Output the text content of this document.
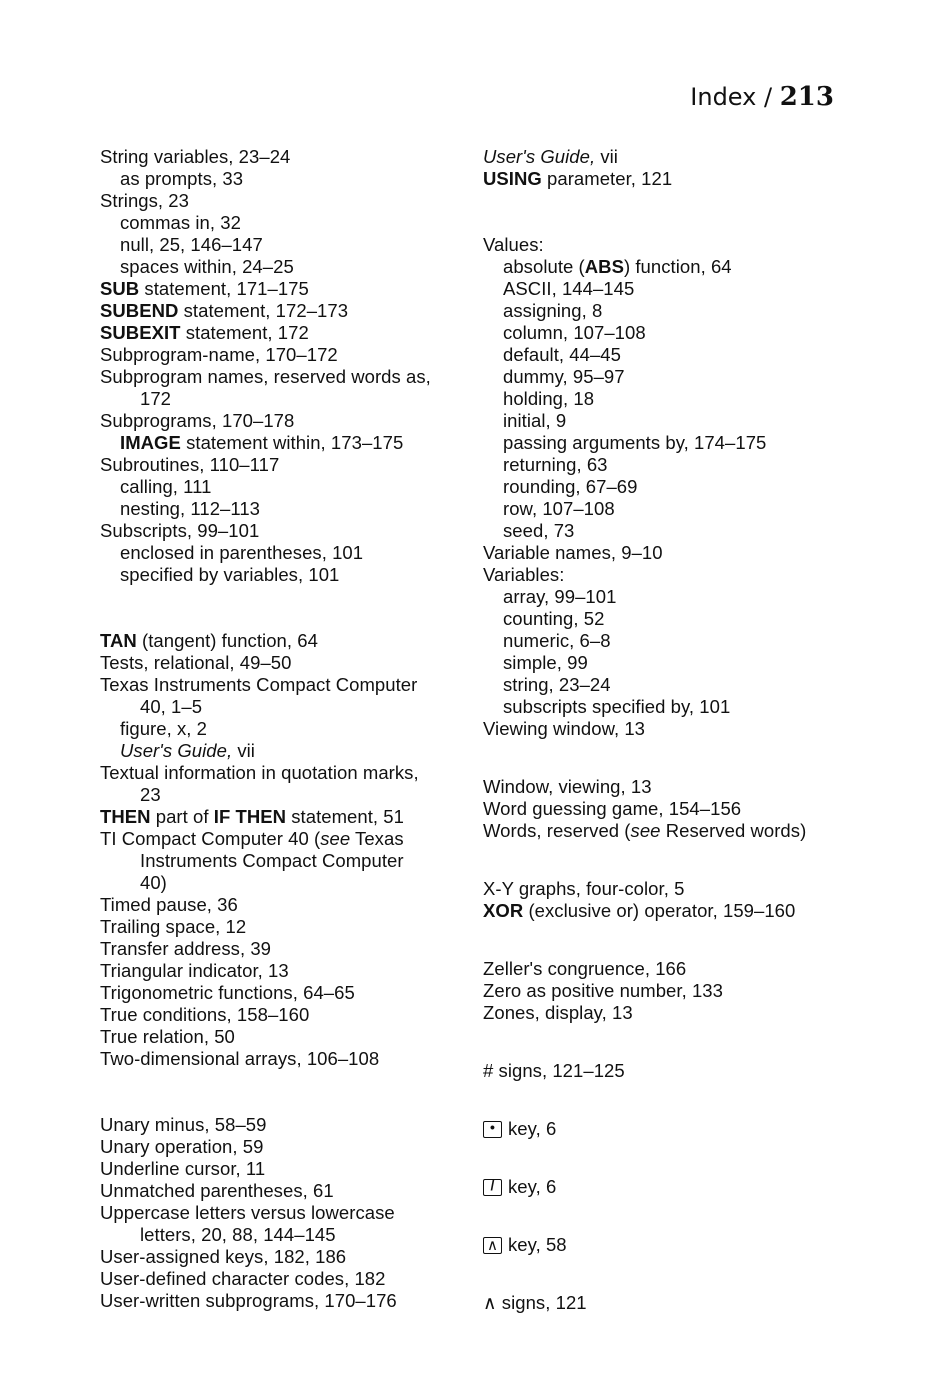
Index / 213
String variables, 23–24
as prompts, 33
Strings, 23
commas in, 32
null, 25, 146–147
spaces within, 24–25
SUB statement, 171–175
SUBEND statement, 172–173
SUBEXIT statement, 172
Subprogram-name, 170–172
Subprogram names, reserved words as,
172
Subprograms, 170–178
IMAGE statement within, 173–175
Subroutines, 110–117
calling, 111
nesting, 112–113
Subscripts, 99–101
enclosed in parentheses, 101
specified by variables, 101
TAN (tangent) function, 64
Tests, relational, 49–50
Texas Instruments Compact Computer
40, 1–5
figure, x, 2
User's Guide, vii
Textual information in quotation marks,
23
THEN part of IF THEN statement, 51
TI Compact Computer 40 (see Texas
Instruments Compact Computer
40)
Timed pause, 36
Trailing space, 12
Transfer address, 39
Triangular indicator, 13
Trigonometric functions, 64–65
True conditions, 158–160
True relation, 50
Two-dimensional arrays, 106–108
Unary minus, 58–59
Unary operation, 59
Underline cursor, 11
Unmatched parentheses, 61
Uppercase letters versus lowercase
letters, 20, 88, 144–145
User-assigned keys, 182, 186
User-defined character codes, 182
User-written subprograms, 170–176
User's Guide, vii
USING parameter, 121
Values:
absolute (ABS) function, 64
ASCII, 144–145
assigning, 8
column, 107–108
default, 44–45
dummy, 95–97
holding, 18
initial, 9
passing arguments by, 174–175
returning, 63
rounding, 67–69
row, 107–108
seed, 73
Variable names, 9–10
Variables:
array, 99–101
counting, 52
numeric, 6–8
simple, 99
string, 23–24
subscripts specified by, 101
Viewing window, 13
Window, viewing, 13
Word guessing game, 154–156
Words, reserved (see Reserved words)
X-Y graphs, four-color, 5
XOR (exclusive or) operator, 159–160
Zeller's congruence, 166
Zero as positive number, 133
Zones, display, 13
# signs, 121–125
• key, 6
/ key, 6
∧ key, 58
∧ signs, 121
